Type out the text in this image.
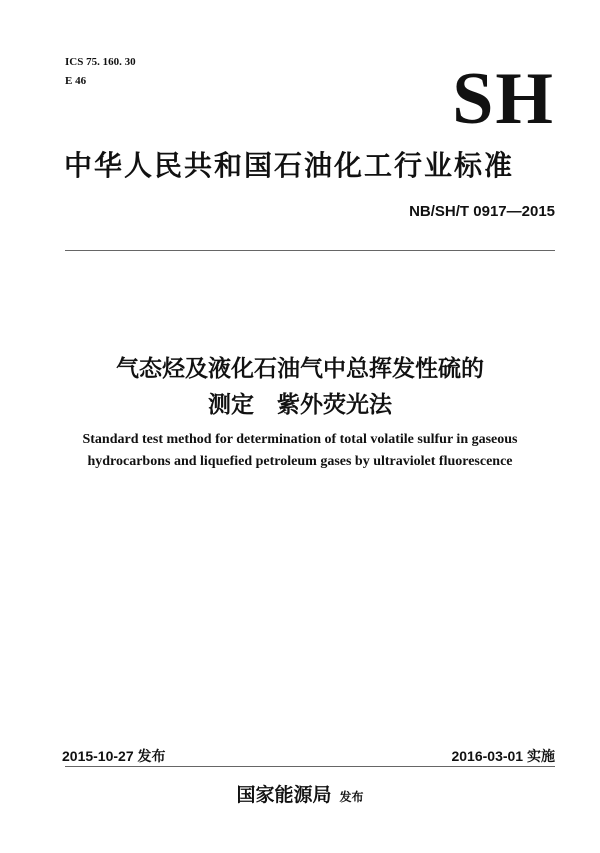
ICS 75. 160. 30
E 46	SH
中华人民共和国石油化工行业标准
NB/SH/T 0917—2015
气态烃及液化石油气中总挥发性硫的
测定　紫外荧光法
Standard test method for determination of total volatile sulfur in gaseous
hydrocarbons and liquefied petroleum gases by ultraviolet fluorescence
2015-10-27 发布	2016-03-01 实施
国家能源局 发布
